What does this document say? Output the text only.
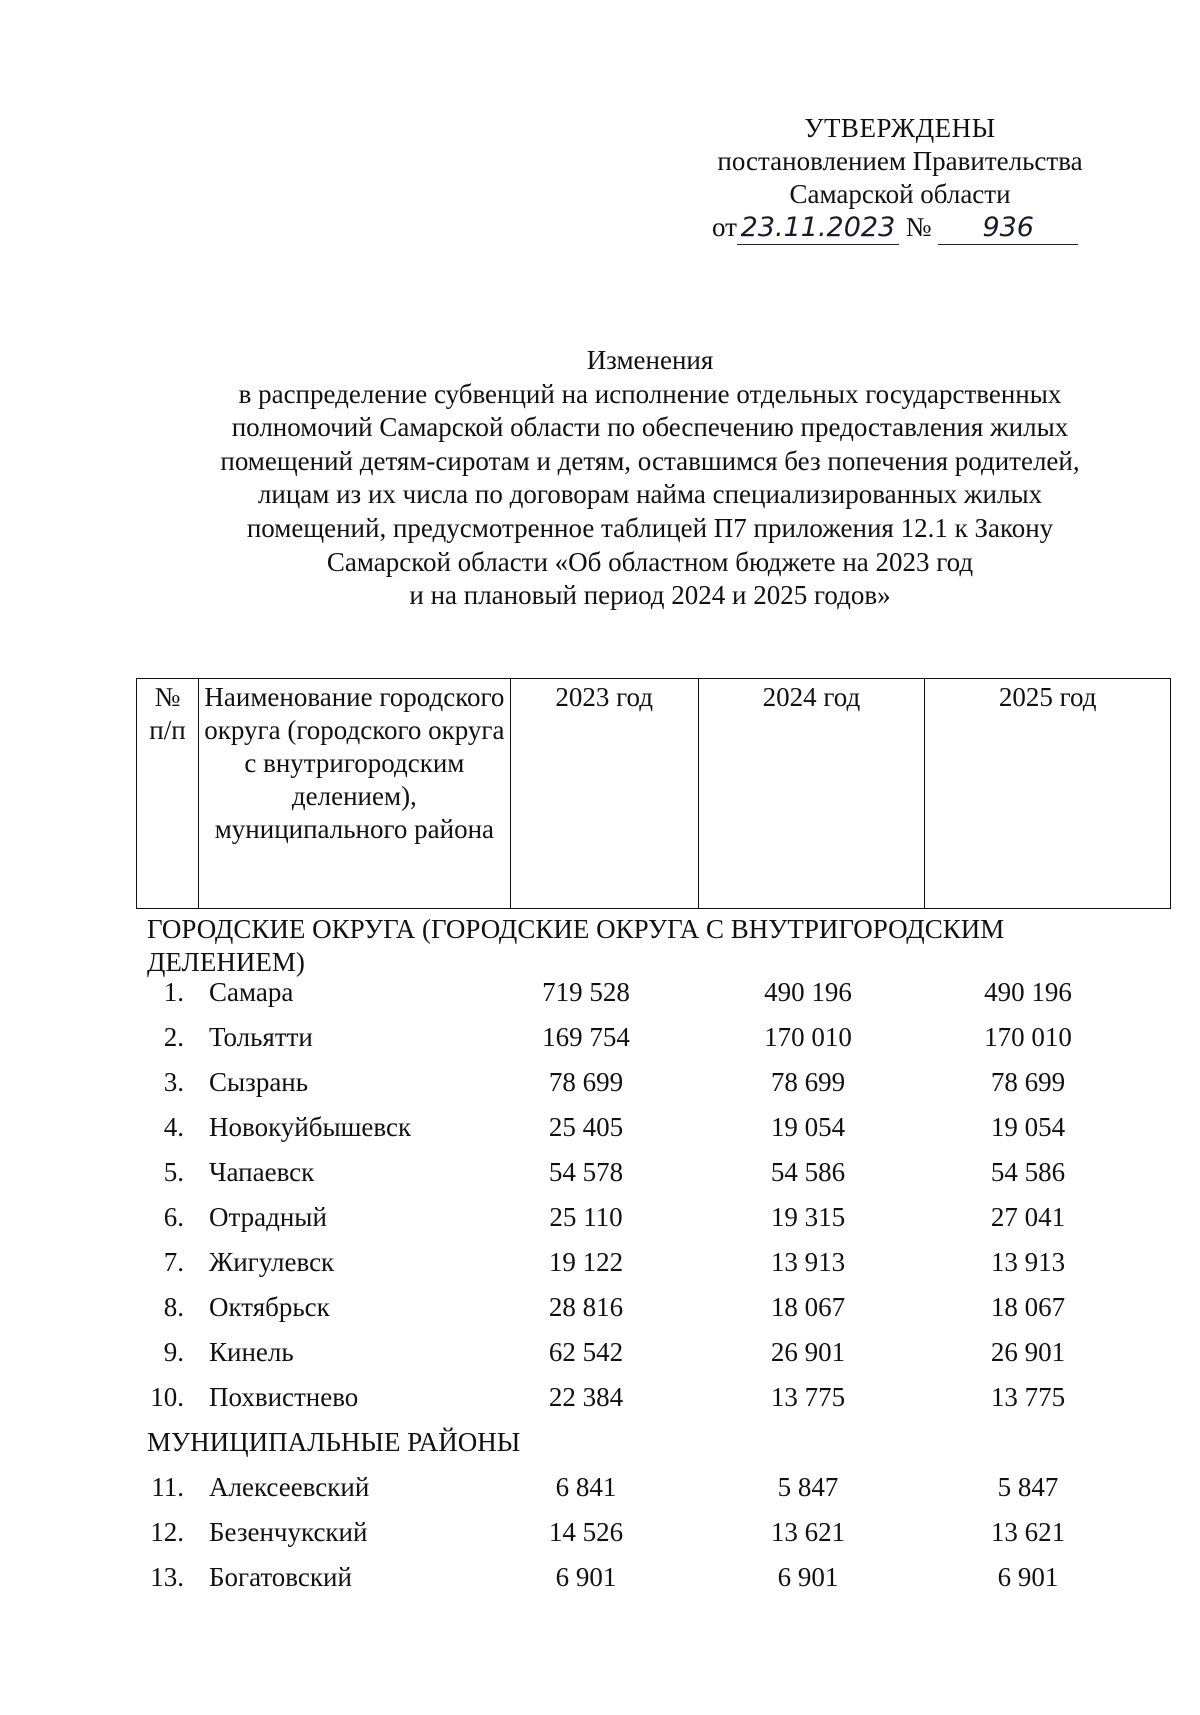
УТВЕРЖДЕНЫ
постановлением Правительства
Самарской области
от 23.11.2023 № 936
Изменения
в распределение субвенций на исполнение отдельных государственных
полномочий Самарской области по обеспечению предоставления жилых
помещений детям-сиротам и детям, оставшимся без попечения родителей,
лицам из их числа по договорам найма специализированных жилых
помещений, предусмотренное таблицей П7 приложения 12.1 к Закону
Самарской области «Об областном бюджете на 2023 год
и на плановый период 2024 и 2025 годов»
№ п/п	Наименование городского округа (городского округа с внутригородским делением), муниципального района	2023 год	2024 год	2025 год
ГОРОДСКИЕ ОКРУГА (ГОРОДСКИЕ ОКРУГА С ВНУТРИГОРОДСКИМ ДЕЛЕНИЕМ)
1. Самара	719 528	490 196	490 196
2. Тольятти	169 754	170 010	170 010
3. Сызрань	78 699	78 699	78 699
4. Новокуйбышевск	25 405	19 054	19 054
5. Чапаевск	54 578	54 586	54 586
6. Отрадный	25 110	19 315	27 041
7. Жигулевск	19 122	13 913	13 913
8. Октябрьск	28 816	18 067	18 067
9. Кинель	62 542	26 901	26 901
10. Похвистнево	22 384	13 775	13 775
МУНИЦИПАЛЬНЫЕ РАЙОНЫ
11. Алексеевский	6 841	5 847	5 847
12. Безенчукский	14 526	13 621	13 621
13. Богатовский	6 901	6 901	6 901
